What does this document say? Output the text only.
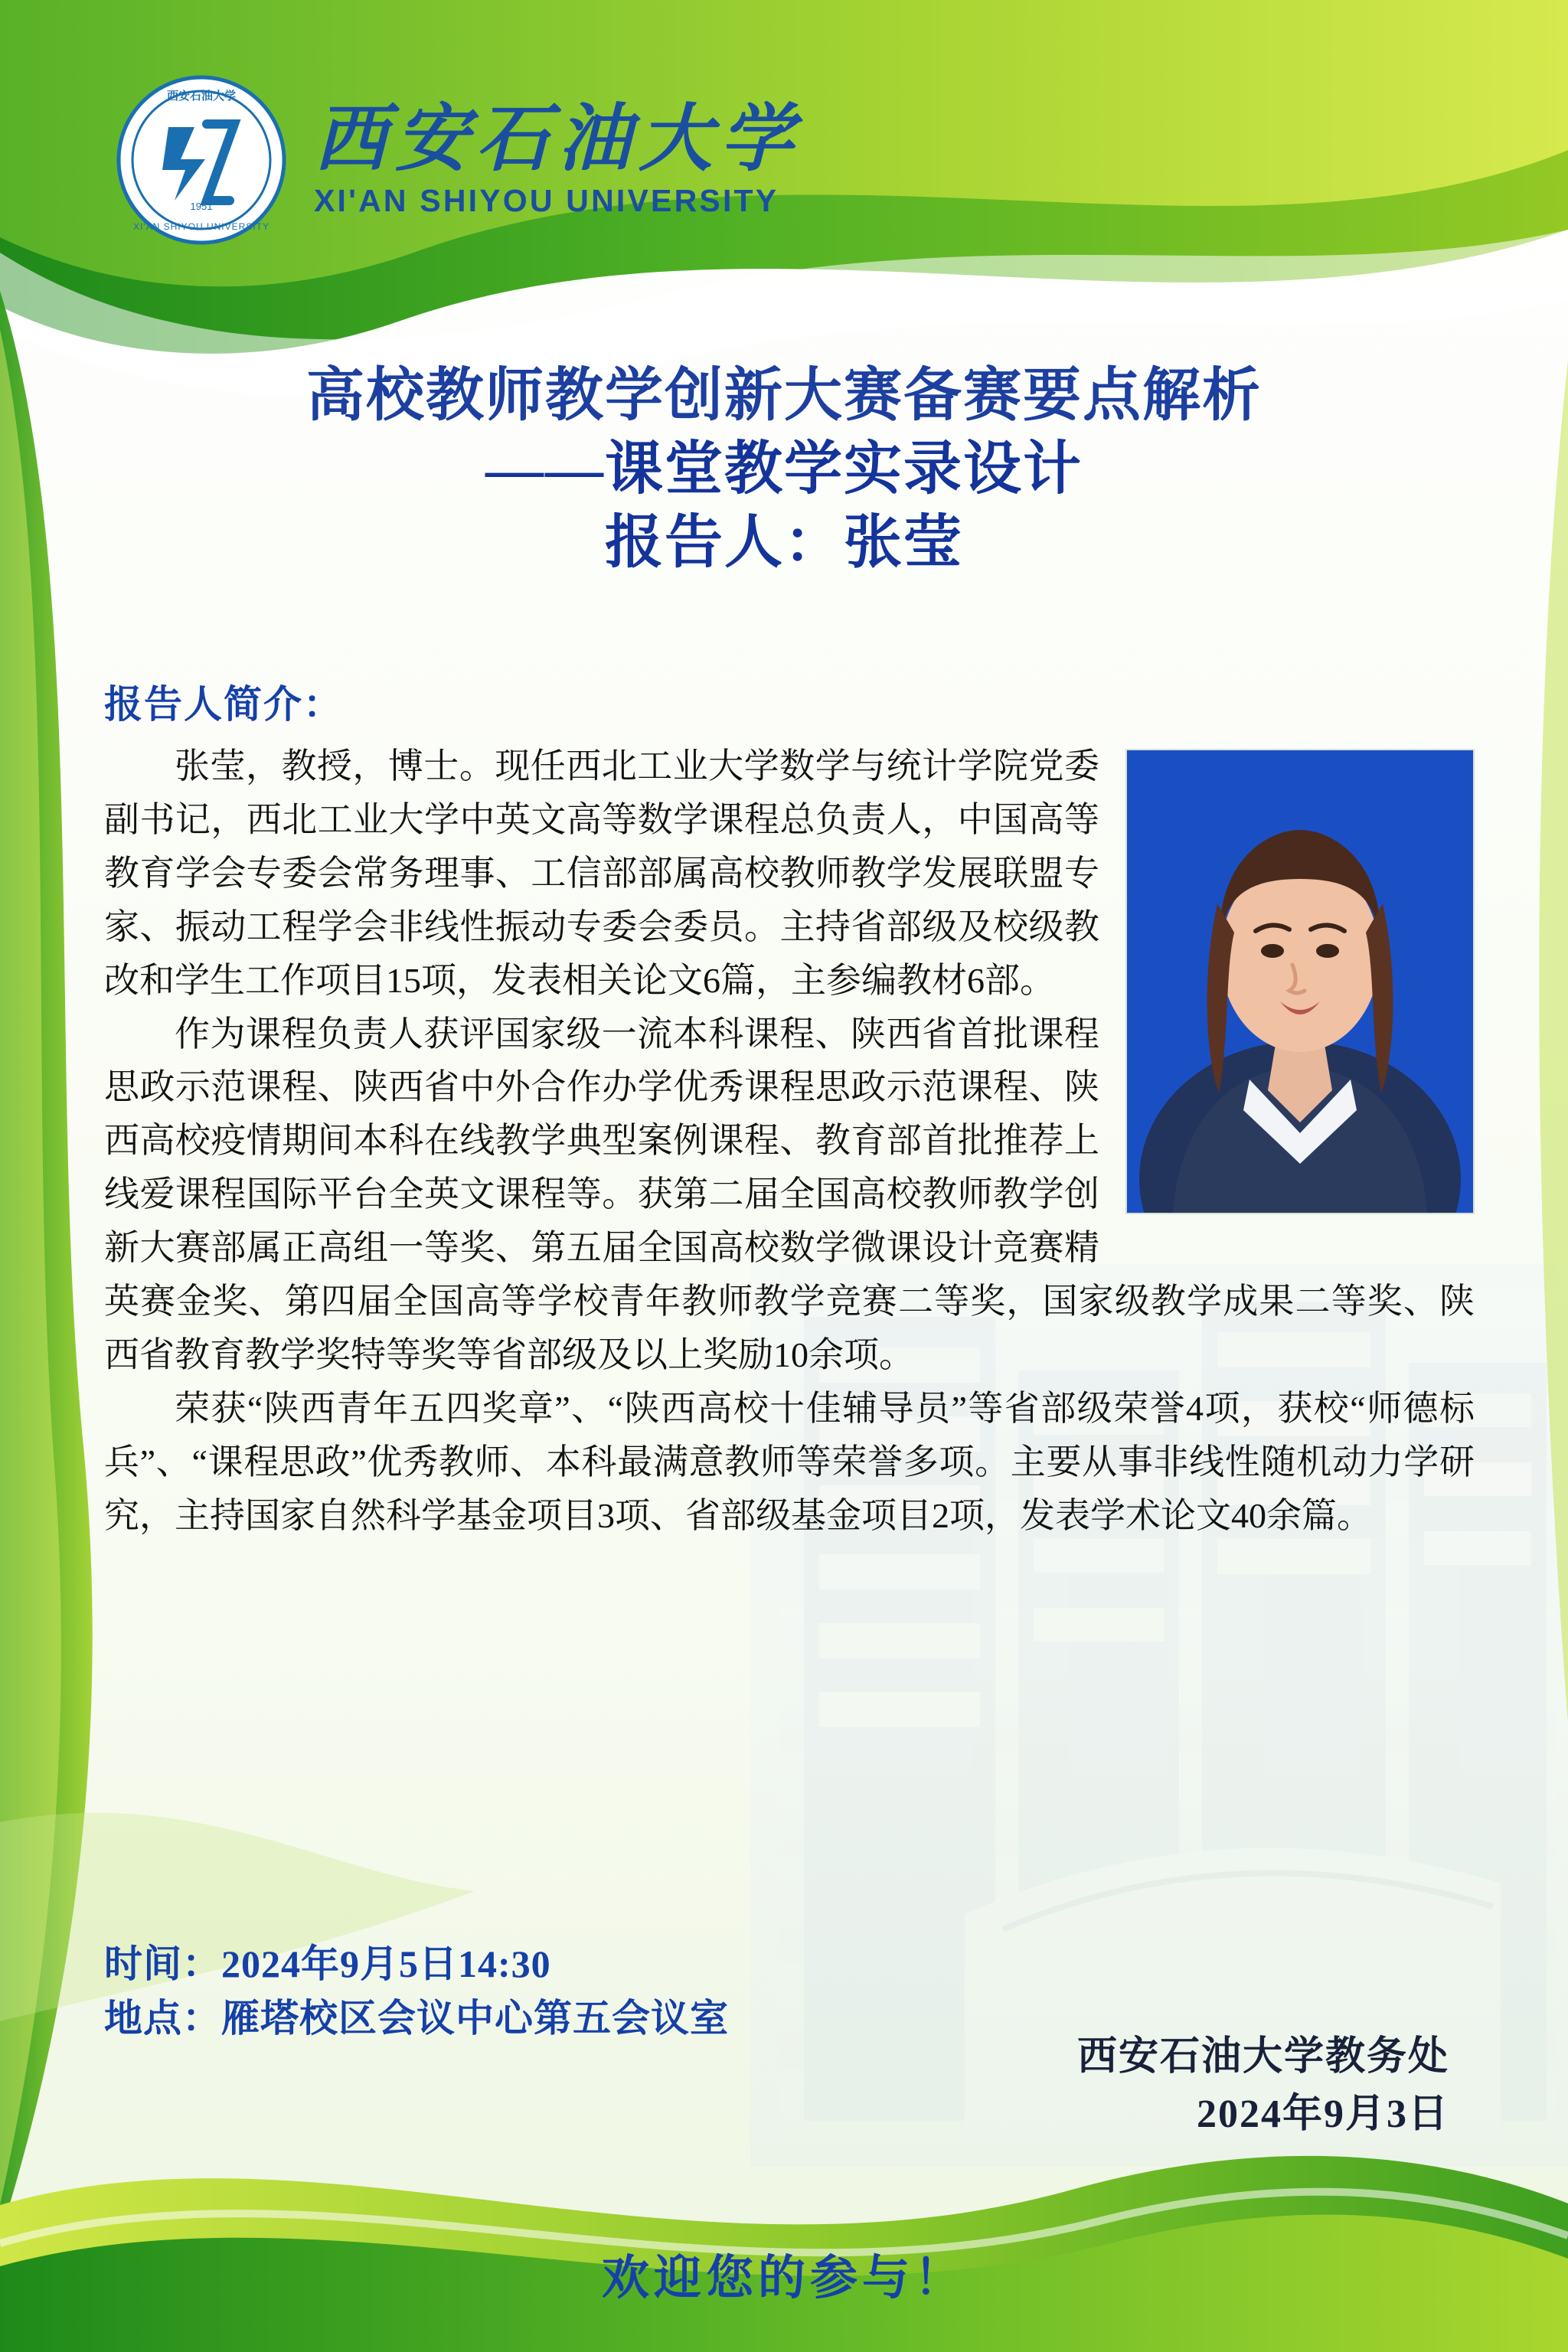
西安石油大学
XI'AN SHIYOU UNIVERSITY
1951
西安石油大学
XI'AN SHIYOU UNIVERSITY
高校教师教学创新大赛备赛要点解析
——课堂教学实录设计
报告人：张莹
报告人简介：

张莹，教授，博士。现任西北工业大学数学与统计学院党委副书记，西北工业大学中英文高等数学课程总负责人，中国高等教育学会专委会常务理事、工信部部属高校教师教学发展联盟专家、振动工程学会非线性振动专委会委员。主持省部级及校级教改和学生工作项目15项，发表相关论文6篇，主参编教材6部。

作为课程负责人获评国家级一流本科课程、陕西省首批课程思政示范课程、陕西省中外合作办学优秀课程思政示范课程、陕西高校疫情期间本科在线教学典型案例课程、教育部首批推荐上线爱课程国际平台全英文课程等。获第二届全国高校教师教学创新大赛部属正高组一等奖、第五届全国高校数学微课设计竞赛精英赛金奖、第四届全国高等学校青年教师教学竞赛二等奖，国家级教学成果二等奖、陕西省教育教学奖特等奖等省部级及以上奖励10余项。

荣获“陕西青年五四奖章”、“陕西高校十佳辅导员”等省部级荣誉4项，获校“师德标兵”、“课程思政”优秀教师、本科最满意教师等荣誉多项。主要从事非线性随机动力学研究，主持国家自然科学基金项目3项、省部级基金项目2项，发表学术论文40余篇。

时间：2024年9月5日14:30
地点：雁塔校区会议中心第五会议室
西安石油大学教务处
2024年9月3日
欢迎您的参与！
